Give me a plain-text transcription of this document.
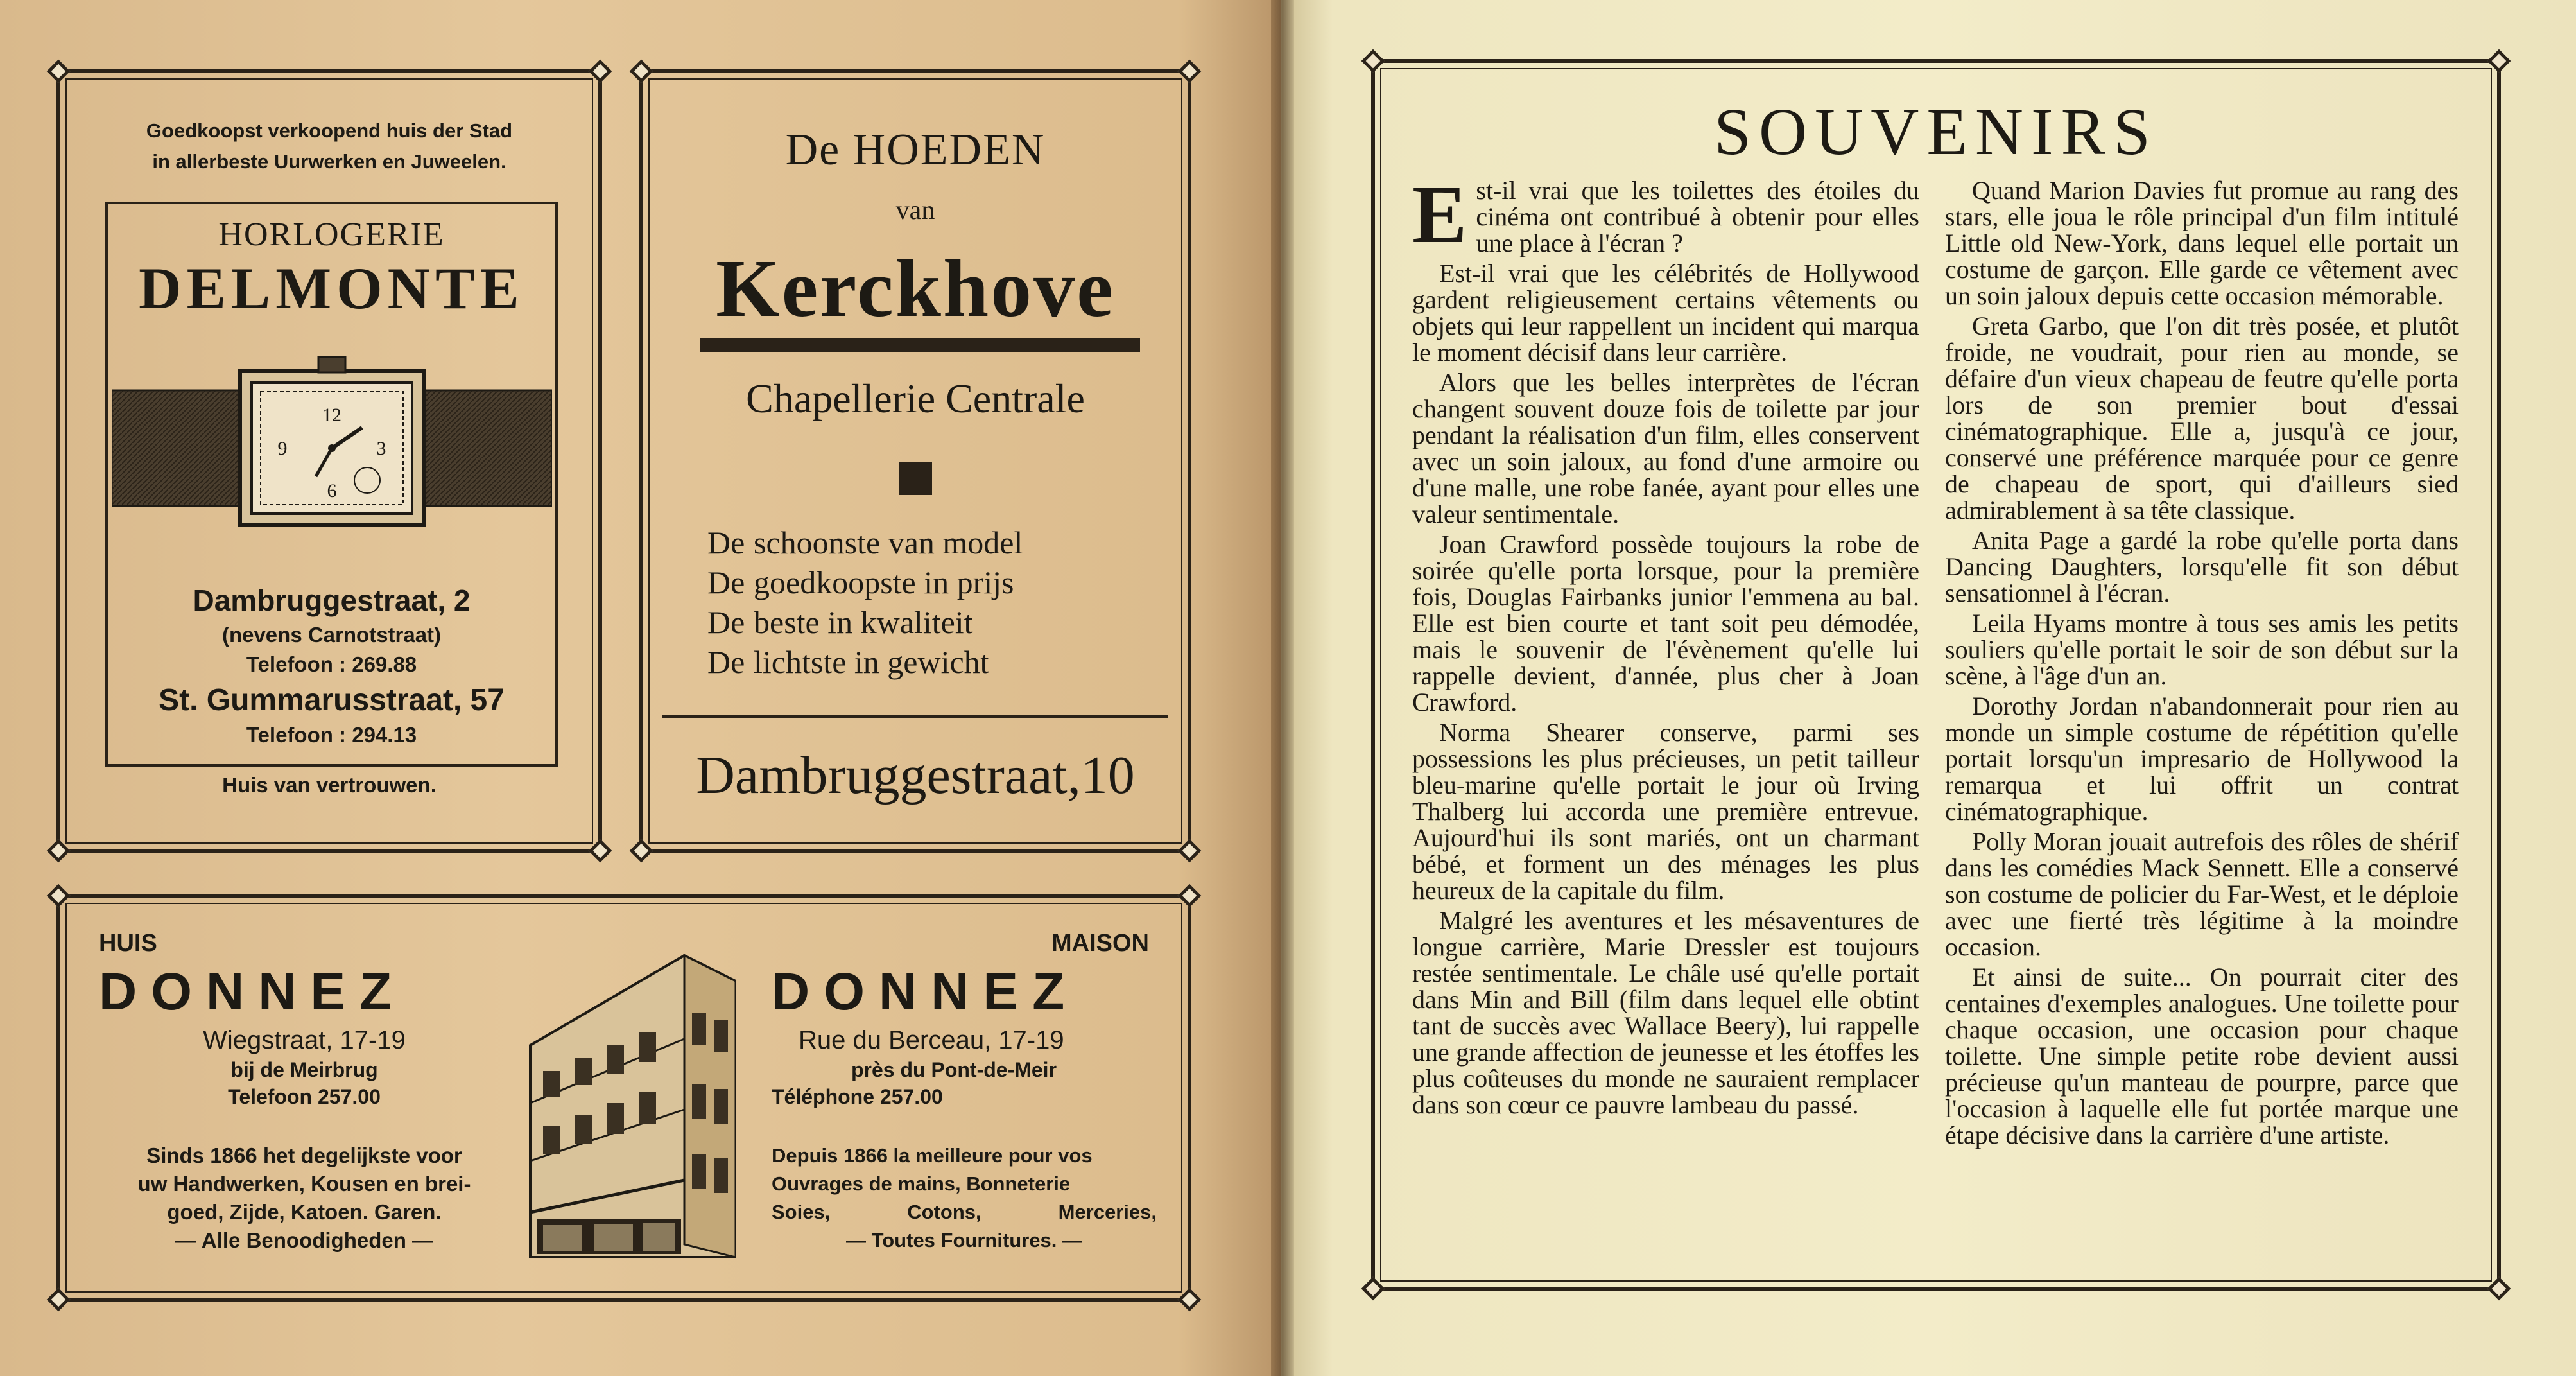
Goedkoopst verkoopend huis der Stad
in allerbeste Uurwerken en Juweelen.
HORLOGERIE
DELMONTE
12
3
6
9
Dambruggestraat, 2
(nevens Carnotstraat)
Telefoon : 269.88
St. Gummarusstraat, 57
Telefoon : 294.13
Huis van vertrouwen.
De HOEDEN
van
Kerckhove
Chapellerie Centrale
De schoonste van model
De goedkoopste in prijs
De beste in kwaliteit
De lichtste in gewicht
Dambruggestraat,10
HUIS
DONNEZ
Wiegstraat, 17-19
bij de Meirbrug
Telefoon 257.00
Sinds 1866 het degelijkste voor
uw Handwerken, Kousen en brei-
goed, Zijde, Katoen. Garen.
— Alle Benoodigheden —
MAISON
DONNEZ
Rue du Berceau, 17-19
près du Pont-de-Meir
Téléphone 257.00
Depuis 1866 la meilleure pour vos
Ouvrages de mains, Bonneterie
Soies, Cotons, Merceries,
— Toutes Fournitures. —
SOUVENIRS

Est-il vrai que les toilettes des étoiles du cinéma ont contribué à obtenir pour elles une place à l'écran ?

Est-il vrai que les célébrités de Hollywood gardent religieusement certains vêtements ou objets qui leur rappellent un incident qui marqua le moment décisif dans leur carrière.

Alors que les belles interprètes de l'écran changent souvent douze fois de toilette par jour pendant la réalisation d'un film, elles conservent avec un soin jaloux, au fond d'une armoire ou d'une malle, une robe fanée, ayant pour elles une valeur sentimentale.

Joan Crawford possède toujours la robe de soirée qu'elle porta lorsque, pour la première fois, Douglas Fairbanks junior l'emmena au bal. Elle est bien courte et tant soit peu démodée, mais le souvenir de l'évènement qu'elle lui rappelle devient, d'année, plus cher à Joan Crawford.

Norma Shearer conserve, parmi ses possessions les plus précieuses, un petit tailleur bleu-marine qu'elle portait le jour où Irving Thalberg lui accorda une première entrevue. Aujourd'hui ils sont mariés, ont un charmant bébé, et forment un des ménages les plus heureux de la capitale du film.

Malgré les aventures et les mésaventures de longue carrière, Marie Dressler est toujours restée sentimentale. Le châle usé qu'elle portait dans Min and Bill (film dans lequel elle obtint tant de succès avec Wallace Beery), lui rappelle une grande affection de jeunesse et les étoffes les plus coûteuses du monde ne sauraient remplacer dans son cœur ce pauvre lambeau du passé.

Quand Marion Davies fut promue au rang des stars, elle joua le rôle principal d'un film intitulé Little old New-York, dans lequel elle portait un costume de garçon. Elle garde ce vêtement avec un soin jaloux depuis cette occasion mémorable.

Greta Garbo, que l'on dit très posée, et plutôt froide, ne voudrait, pour rien au monde, se défaire d'un vieux chapeau de feutre qu'elle porta lors de son premier bout d'essai cinématographique. Elle a, jusqu'à ce jour, conservé une préférence marquée pour ce genre de chapeau de sport, qui d'ailleurs sied admirablement à sa tête classique.

Anita Page a gardé la robe qu'elle porta dans Dancing Daughters, lorsqu'elle fit son début sensationnel à l'écran.

Leila Hyams montre à tous ses amis les petits souliers qu'elle portait le soir de son début sur la scène, à l'âge d'un an.

Dorothy Jordan n'abandonnerait pour rien au monde un simple costume de répétition qu'elle portait lorsqu'un impresario de Hollywood la remarqua et lui offrit un contrat cinématographique.

Polly Moran jouait autrefois des rôles de shérif dans les comédies Mack Sennett. Elle a conservé son costume de policier du Far-West, et le déploie avec une fierté très légitime à la moindre occasion.

Et ainsi de suite... On pourrait citer des centaines d'exemples analogues. Une toilette pour chaque occasion, une occasion pour chaque toilette. Une simple petite robe devient aussi précieuse qu'un manteau de pourpre, parce que l'occasion à laquelle elle fut portée marque une étape décisive dans la carrière d'une artiste.
